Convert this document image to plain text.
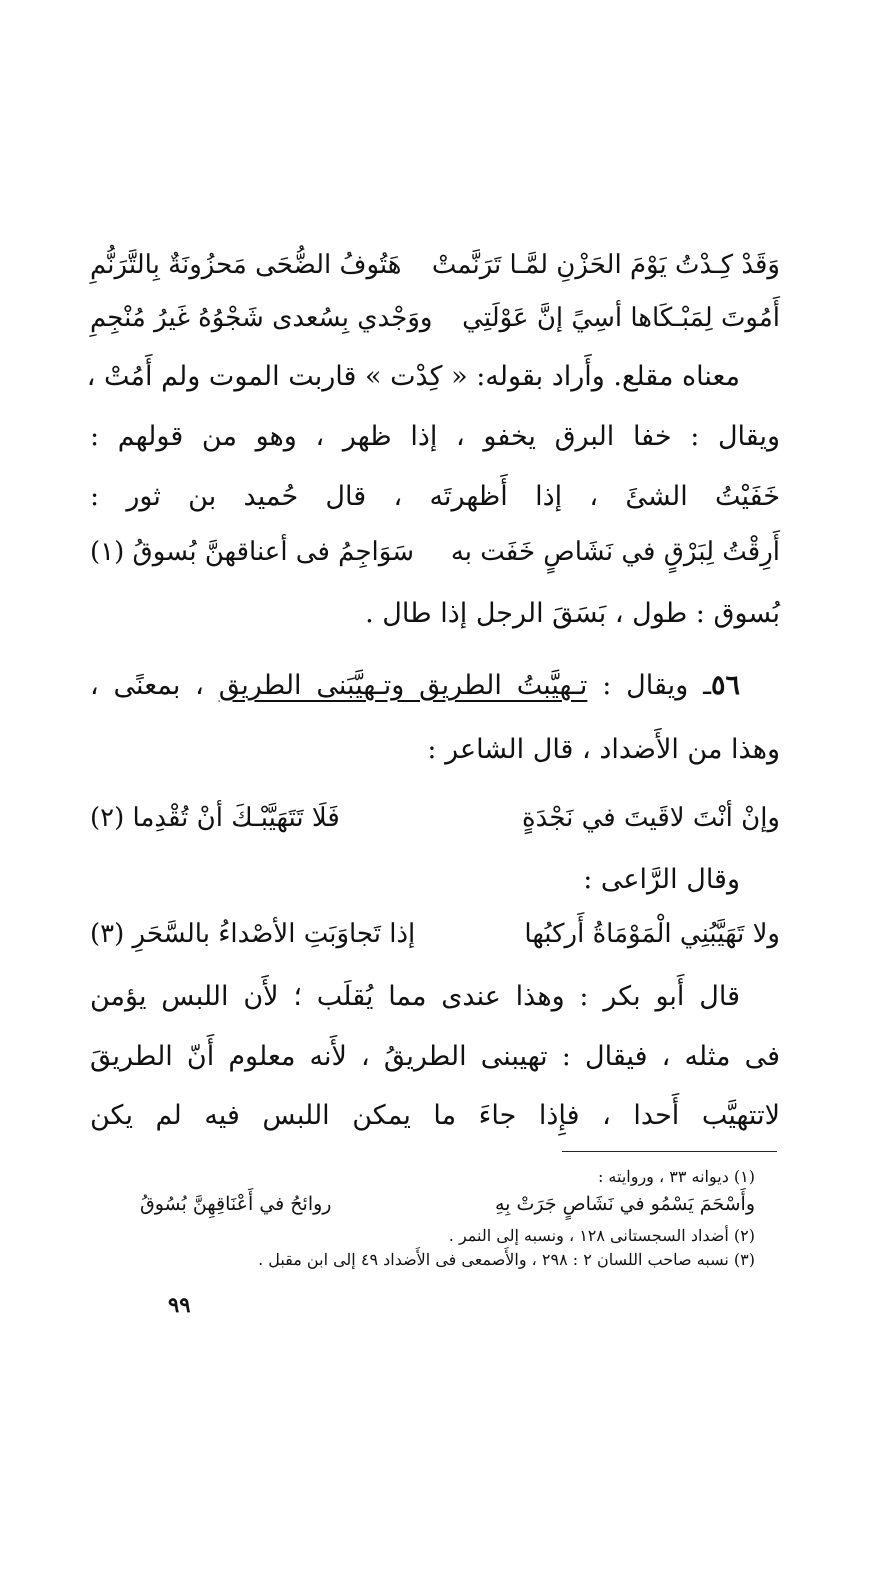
وَقَدْ كِـدْتُ يَوْمَ الحَزْنِ لمَّـا تَرَنَّمتْ
هَتُوفُ الضُّحَى مَحزُونَةٌ بِالتَّرَنُّمِ
أَمُوتَ لِمَبْـكَاها أسِيً إنَّ عَوْلَتِي
ووَجْدي بِسُعدى شَجْوُهُ غَيرُ مُنْجِمِ

معناه مقلع. وأَراد بقوله: « كِدْت » قاربت الموت ولم أَمُتْ ،

ويقال : خفا البرق يخفو ، إذا ظهر ، وهو من قولهم :

خَفَيْتُ الشئَ ، إذا أَظهرتَه ، قال حُميد بن ثور :

أَرِقْتُ لِبَرْقٍ في نَشَاصٍ خَفَت به
سَوَاجِمُ فى أعناقهنَّ بُسوقُ (١)

بُسوق : طول ، بَسَقَ الرجل إذا طال .

٥٦ـ ويقال : تـهيَّبتُ الطريق وتـهيَّبَنى الطريق ، بمعنًى ،

وهذا من الأَضداد ، قال الشاعر :

وإنْ أنْتَ لاقَيتَ في نَجْدَةٍ
فَلَا تَتَهَيَّبْـكَ أنْ تُقْدِما (٢)

وقال الرَّاعى :

ولا تَهَيَّبُنِي الْمَوْمَاةُ أَركبُها
إذا تَجاوَبَتِ الأصْداءُ بالسَّحَرِ (٣)

قال أَبو بكر : وهذا عندى مما يُقلَب ؛ لأَن اللبس يؤمن

فى مثله ، فيقال : تهيبنى الطريقُ ، لأَنه معلوم أَنّ الطريقَ

لاتتهيَّب أَحدا ، فإِذا جاءَ ما يمكن اللبس فيه لم يكن

(١) ديوانه ٣٣ ، وروايته :
وأَسْحَمَ يَسْمُو في نَشَاصٍ جَرَتْ بِهِ
روائحُ في أَعْنَاقِهِنَّ بُسُوقُ
(٢) أضداد السجستانى ١٢٨ ، ونسبه إلى النمر .
(٣) نسبه صاحب اللسان ٢ : ٢٩٨ ، والأَصمعى فى الأَضداد ٤٩ إلى ابن مقبل .
٩٩
